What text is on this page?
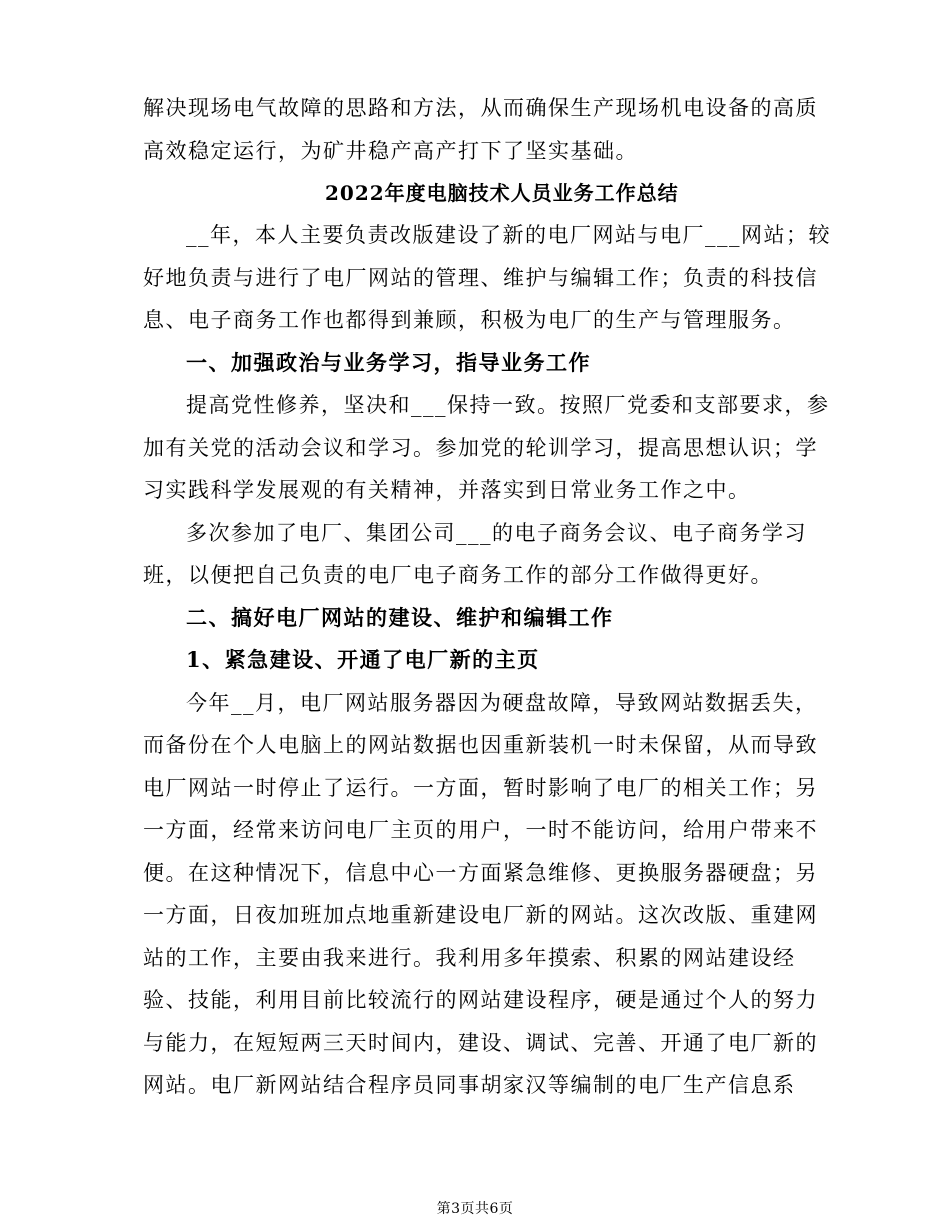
解决现场电气故障的思路和方法，从而确保生产现场机电设备的高质
高效稳定运行，为矿井稳产高产打下了坚实基础。
2022年度电脑技术人员业务工作总结
__年，本人主要负责改版建设了新的电厂网站与电厂___网站；较
好地负责与进行了电厂网站的管理、维护与编辑工作；负责的科技信
息、电子商务工作也都得到兼顾，积极为电厂的生产与管理服务。
一、加强政治与业务学习，指导业务工作
提高党性修养，坚决和___保持一致。按照厂党委和支部要求，参
加有关党的活动会议和学习。参加党的轮训学习，提高思想认识；学
习实践科学发展观的有关精神，并落实到日常业务工作之中。
多次参加了电厂、集团公司___的电子商务会议、电子商务学习
班，以便把自己负责的电厂电子商务工作的部分工作做得更好。
二、搞好电厂网站的建设、维护和编辑工作
1、紧急建设、开通了电厂新的主页
今年__月，电厂网站服务器因为硬盘故障，导致网站数据丢失，
而备份在个人电脑上的网站数据也因重新装机一时未保留，从而导致
电厂网站一时停止了运行。一方面，暂时影响了电厂的相关工作；另
一方面，经常来访问电厂主页的用户，一时不能访问，给用户带来不
便。在这种情况下，信息中心一方面紧急维修、更换服务器硬盘；另
一方面，日夜加班加点地重新建设电厂新的网站。这次改版、重建网
站的工作，主要由我来进行。我利用多年摸索、积累的网站建设经
验、技能，利用目前比较流行的网站建设程序，硬是通过个人的努力
与能力，在短短两三天时间内，建设、调试、完善、开通了电厂新的
网站。电厂新网站结合程序员同事胡家汉等编制的电厂生产信息系
第3页共6页
